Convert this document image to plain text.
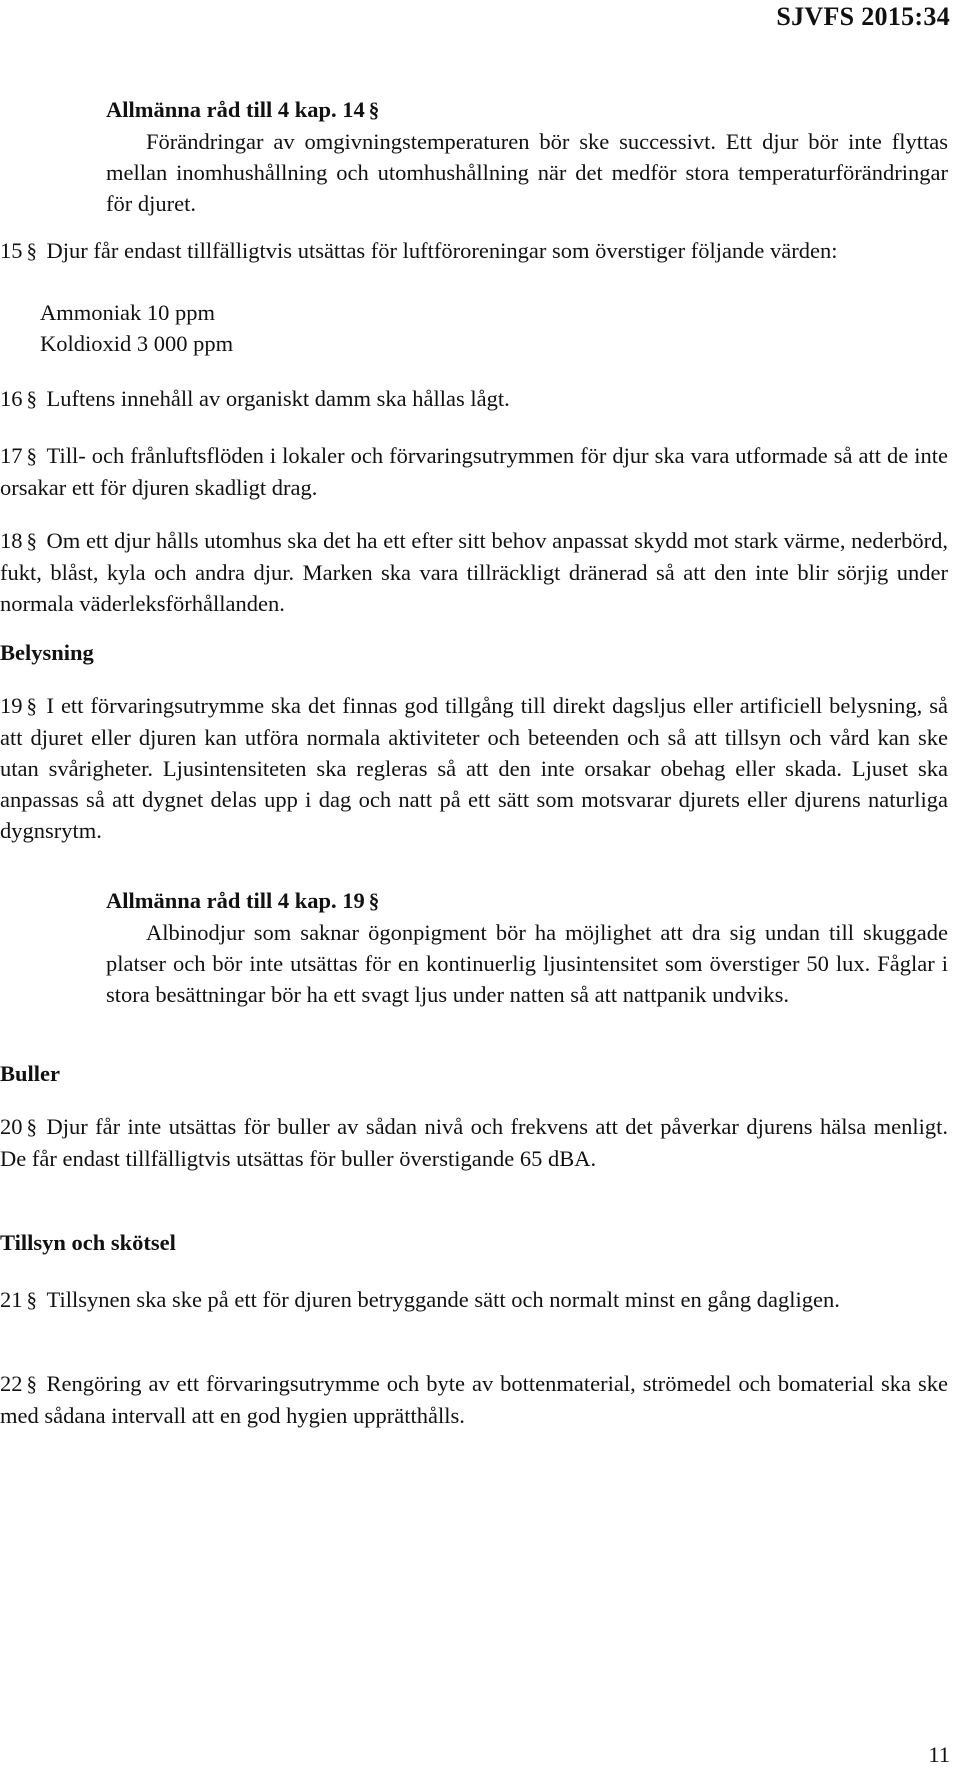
SJVFS 2015:34
Allmänna råd till 4 kap. 14 §
Förändringar av omgivningstemperaturen bör ske successivt. Ett djur bör inte flyttas mellan inomhushållning och utomhushållning när det medför stora temperaturförändringar för djuret.
15 § Djur får endast tillfälligtvis utsättas för luftföroreningar som överstiger följande värden:
Ammoniak 10 ppm
Koldioxid 3 000 ppm
16 § Luftens innehåll av organiskt damm ska hållas lågt.
17 § Till- och frånluftsflöden i lokaler och förvaringsutrymmen för djur ska vara utformade så att de inte orsakar ett för djuren skadligt drag.
18 § Om ett djur hålls utomhus ska det ha ett efter sitt behov anpassat skydd mot stark värme, nederbörd, fukt, blåst, kyla och andra djur. Marken ska vara tillräckligt dränerad så att den inte blir sörjig under normala väderleksförhållanden.
Belysning
19 § I ett förvaringsutrymme ska det finnas god tillgång till direkt dagsljus eller artificiell belysning, så att djuret eller djuren kan utföra normala aktiviteter och beteenden och så att tillsyn och vård kan ske utan svårigheter. Ljusintensiteten ska regleras så att den inte orsakar obehag eller skada. Ljuset ska anpassas så att dygnet delas upp i dag och natt på ett sätt som motsvarar djurets eller djurens naturliga dygnsrytm.
Allmänna råd till 4 kap. 19 §
Albinodjur som saknar ögonpigment bör ha möjlighet att dra sig undan till skuggade platser och bör inte utsättas för en kontinuerlig ljusintensitet som överstiger 50 lux. Fåglar i stora besättningar bör ha ett svagt ljus under natten så att nattpanik undviks.
Buller
20 § Djur får inte utsättas för buller av sådan nivå och frekvens att det påverkar djurens hälsa menligt. De får endast tillfälligtvis utsättas för buller överstigande 65 dBA.
Tillsyn och skötsel
21 § Tillsynen ska ske på ett för djuren betryggande sätt och normalt minst en gång dagligen.
22 § Rengöring av ett förvaringsutrymme och byte av bottenmaterial, strömedel och bomaterial ska ske med sådana intervall att en god hygien upprätthålls.
11
